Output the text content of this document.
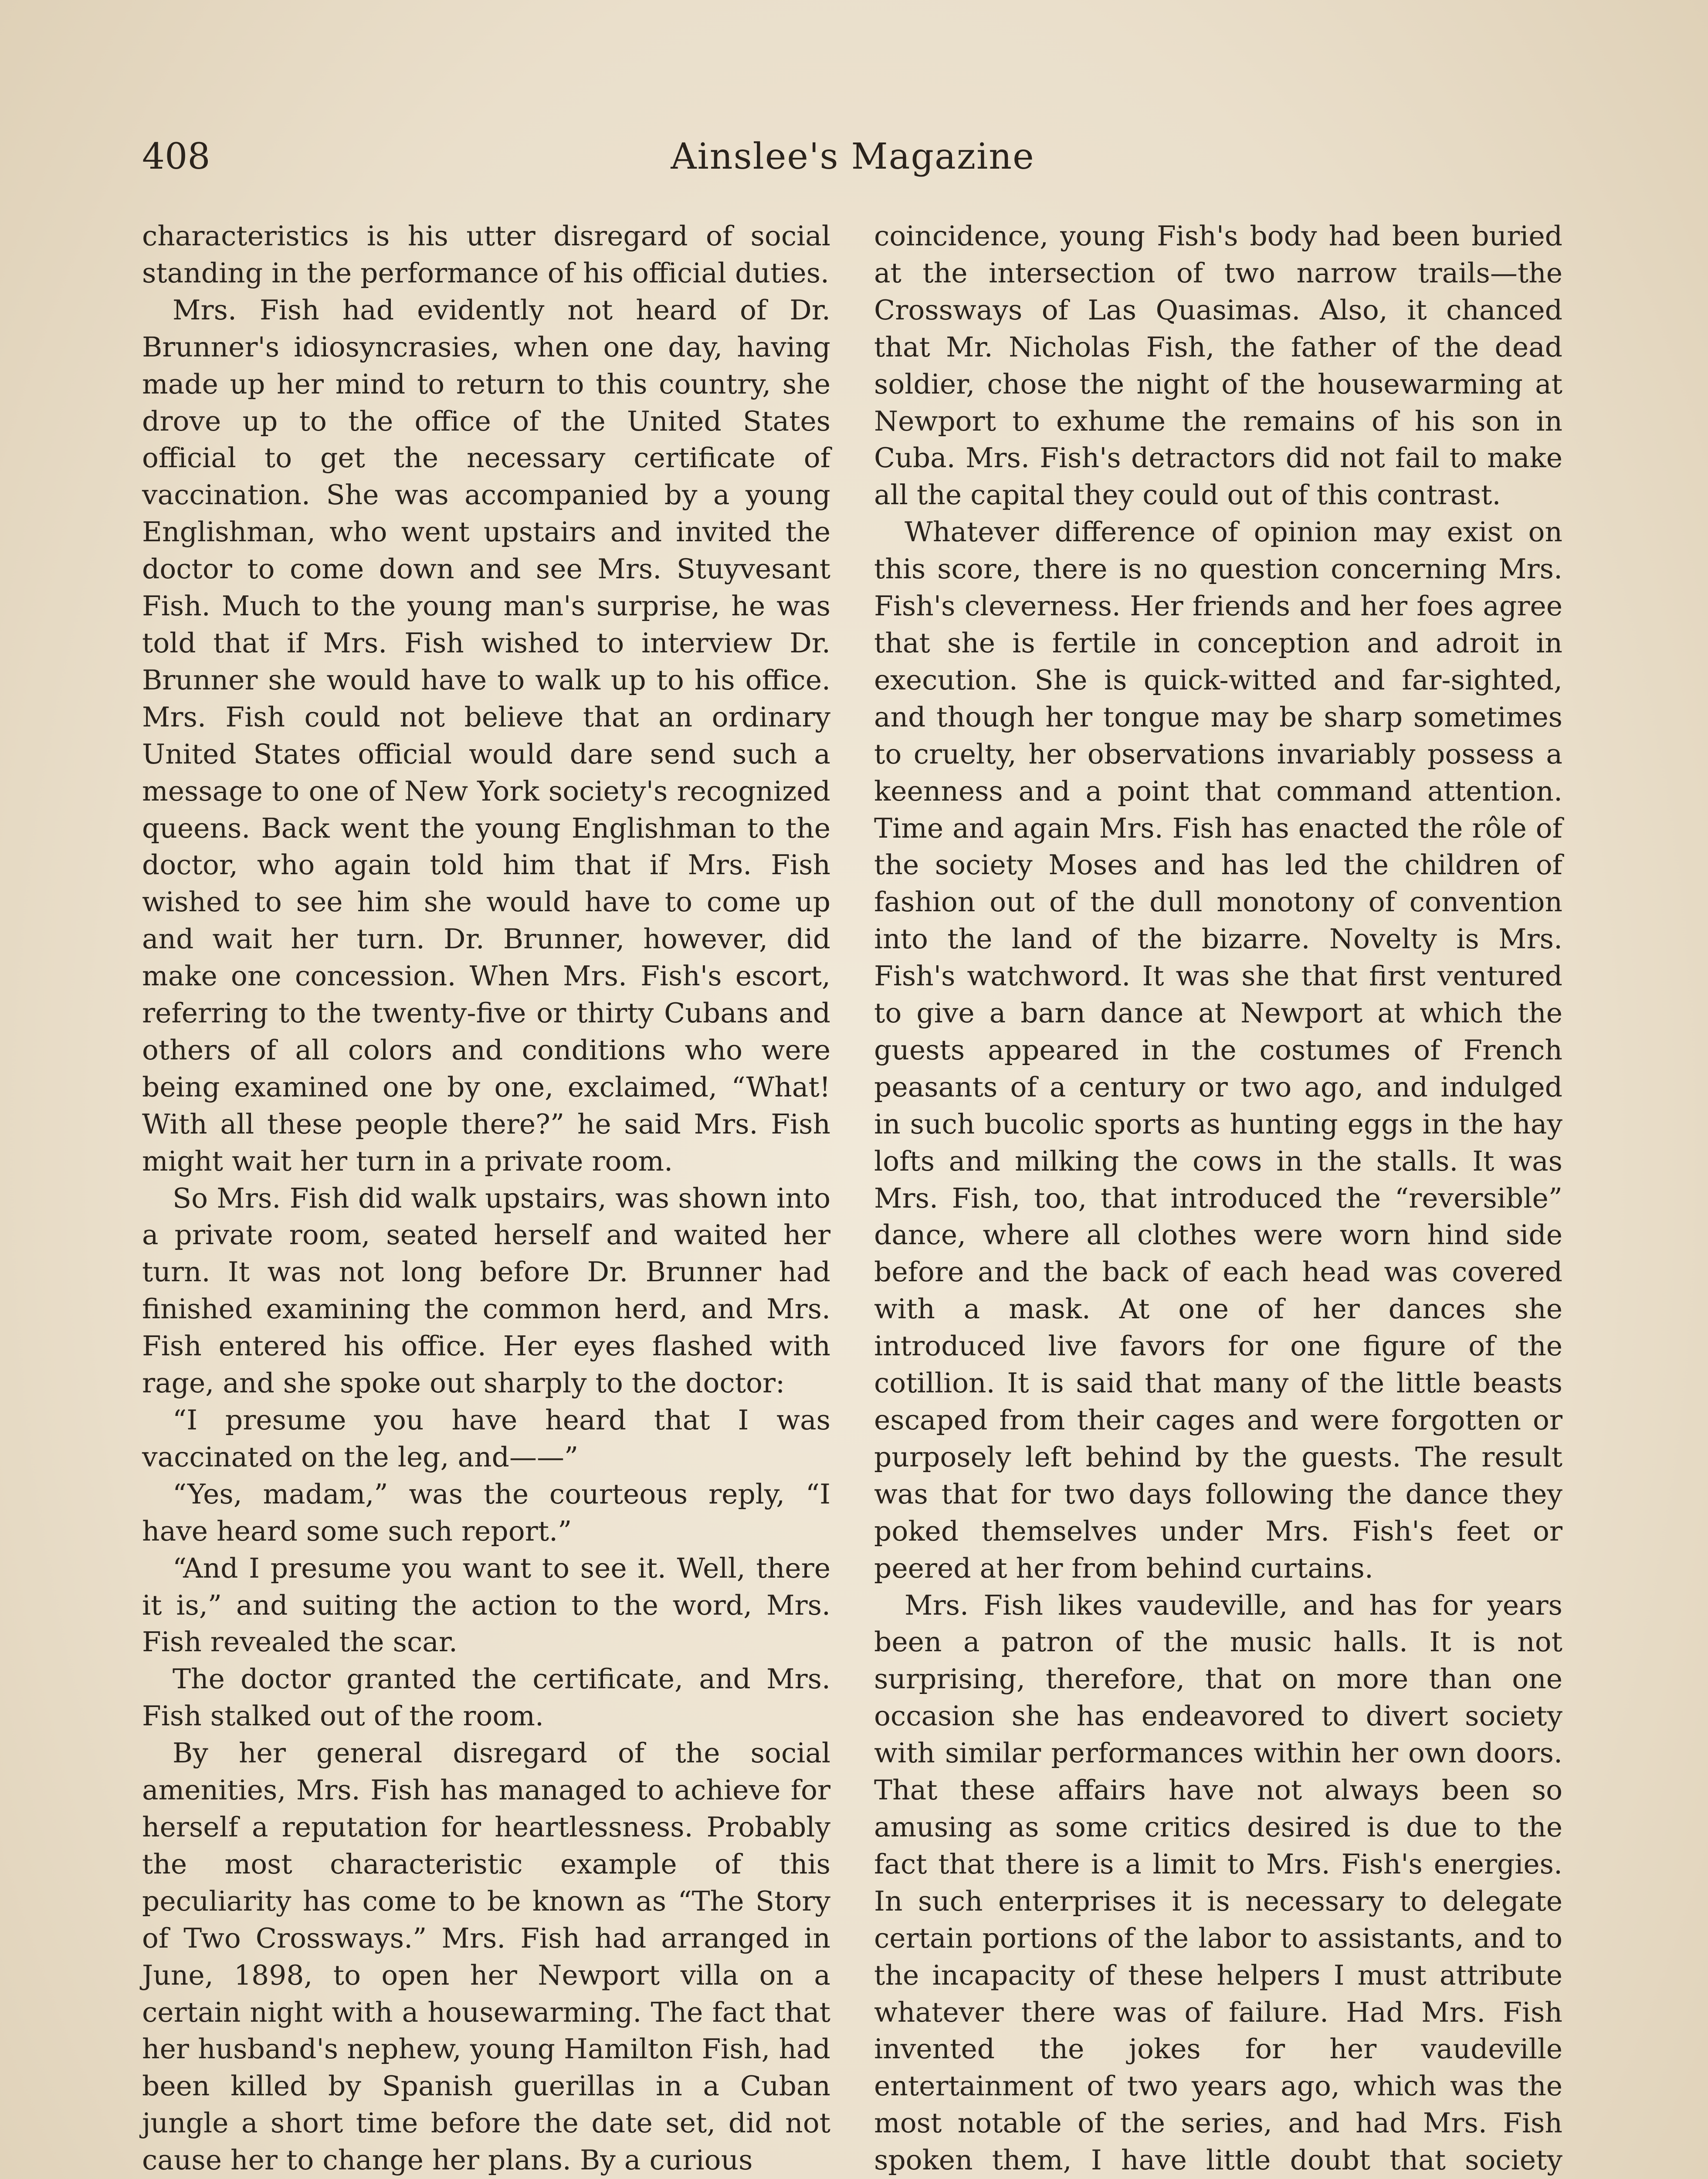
408	Ainslee's Magazine

characteristics is his utter disregard of social standing in the performance of his official duties.

Mrs. Fish had evidently not heard of Dr. Brunner's idiosyncrasies, when one day, having made up her mind to return to this country, she drove up to the office of the United States official to get the necessary certificate of vaccination. She was accompanied by a young Englishman, who went upstairs and invited the doctor to come down and see Mrs. Stuyvesant Fish. Much to the young man's surprise, he was told that if Mrs. Fish wished to interview Dr. Brunner she would have to walk up to his office. Mrs. Fish could not believe that an ordinary United States official would dare send such a message to one of New York society's recognized queens. Back went the young Englishman to the doctor, who again told him that if Mrs. Fish wished to see him she would have to come up and wait her turn. Dr. Brunner, however, did make one concession. When Mrs. Fish's escort, referring to the twenty-five or thirty Cubans and others of all colors and conditions who were being examined one by one, exclaimed, “What! With all these people there?” he said Mrs. Fish might wait her turn in a private room.

So Mrs. Fish did walk upstairs, was shown into a private room, seated herself and waited her turn. It was not long before Dr. Brunner had finished examining the common herd, and Mrs. Fish entered his office. Her eyes flashed with rage, and she spoke out sharply to the doctor:

“I presume you have heard that I was vaccinated on the leg, and——”

“Yes, madam,” was the courteous reply, “I have heard some such report.”

“And I presume you want to see it. Well, there it is,” and suiting the action to the word, Mrs. Fish revealed the scar.

The doctor granted the certificate, and Mrs. Fish stalked out of the room.

By her general disregard of the social amenities, Mrs. Fish has managed to achieve for herself a reputation for heartlessness. Probably the most characteristic example of this peculiarity has come to be known as “The Story of Two Crossways.” Mrs. Fish had arranged in June, 1898, to open her Newport villa on a certain night with a housewarming. The fact that her husband's nephew, young Hamilton Fish, had been killed by Spanish guerillas in a Cuban jungle a short time before the date set, did not cause her to change her plans. By a curious

coincidence, young Fish's body had been buried at the intersection of two narrow trails—the Crossways of Las Quasimas. Also, it chanced that Mr. Nicholas Fish, the father of the dead soldier, chose the night of the housewarming at Newport to exhume the remains of his son in Cuba. Mrs. Fish's detractors did not fail to make all the capital they could out of this contrast.

Whatever difference of opinion may exist on this score, there is no question concerning Mrs. Fish's cleverness. Her friends and her foes agree that she is fertile in conception and adroit in execution. She is quick-witted and far-sighted, and though her tongue may be sharp sometimes to cruelty, her observations invariably possess a keenness and a point that command attention. Time and again Mrs. Fish has enacted the rôle of the society Moses and has led the children of fashion out of the dull monotony of convention into the land of the bizarre. Novelty is Mrs. Fish's watchword. It was she that first ventured to give a barn dance at Newport at which the guests appeared in the costumes of French peasants of a century or two ago, and indulged in such bucolic sports as hunting eggs in the hay lofts and milking the cows in the stalls. It was Mrs. Fish, too, that introduced the “reversible” dance, where all clothes were worn hind side before and the back of each head was covered with a mask. At one of her dances she introduced live favors for one figure of the cotillion. It is said that many of the little beasts escaped from their cages and were forgotten or purposely left behind by the guests. The result was that for two days following the dance they poked themselves under Mrs. Fish's feet or peered at her from behind curtains.

Mrs. Fish likes vaudeville, and has for years been a patron of the music halls. It is not surprising, therefore, that on more than one occasion she has endeavored to divert society with similar performances within her own doors. That these affairs have not always been so amusing as some critics desired is due to the fact that there is a limit to Mrs. Fish's energies. In such enterprises it is necessary to delegate certain portions of the labor to assistants, and to the incapacity of these helpers I must attribute whatever there was of failure. Had Mrs. Fish invented the jokes for her vaudeville entertainment of two years ago, which was the most notable of the series, and had Mrs. Fish spoken them, I have little doubt that society
